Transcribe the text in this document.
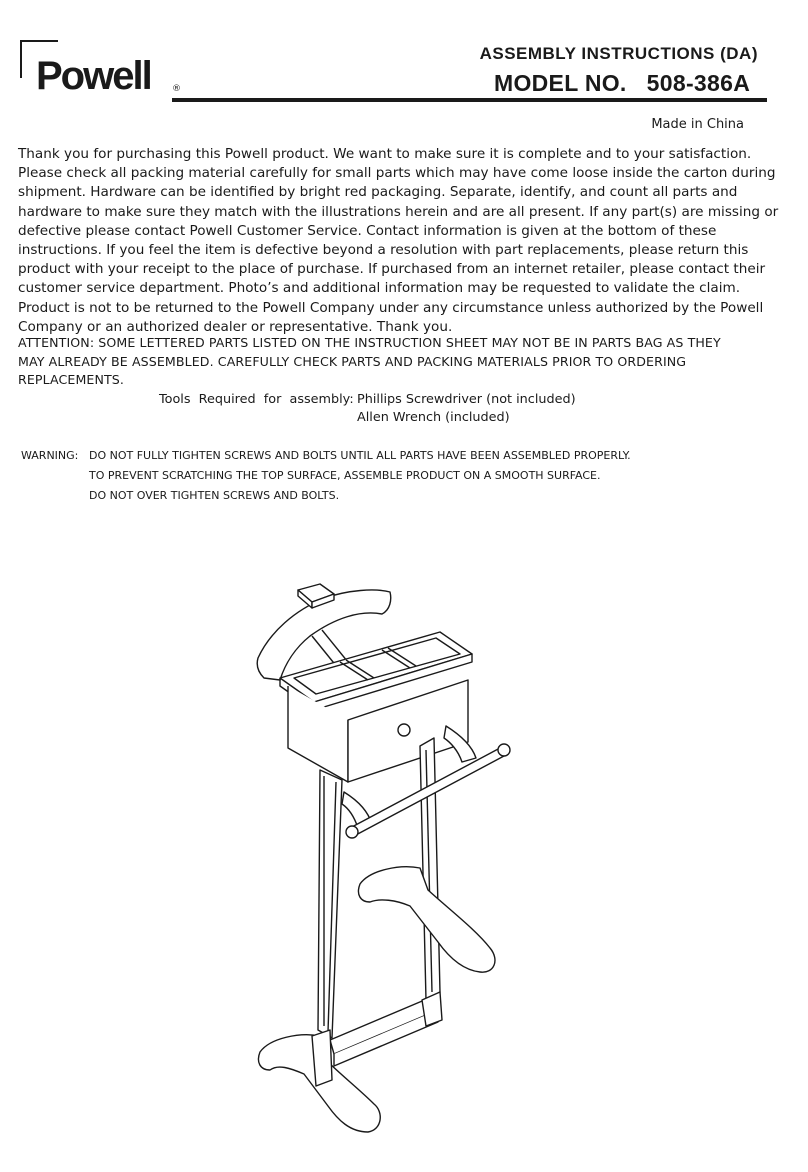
Powell ®
ASSEMBLY INSTRUCTIONS (DA)
MODEL NO.   508-386A
Made in China

Thank you for purchasing this Powell product. We want to make sure it is complete and to your satisfaction. Please check all packing material carefully for small parts which may have come loose inside the carton during shipment. Hardware can be identified by bright red packaging. Separate, identify, and count all parts and hardware to make sure they match with the illustrations herein and are all present. If any part(s) are missing or defective please contact Powell Customer Service. Contact information is given at the bottom of these instructions. If you feel the item is defective beyond a resolution with part replacements, please return this product with your receipt to the place of purchase. If purchased from an internet retailer, please contact their customer service department. Photo’s and additional information may be requested to validate the claim. Product is not to be returned to the Powell Company under any circumstance unless authorized by the Powell Company or an authorized dealer or representative. Thank you.

ATTENTION: SOME LETTERED PARTS LISTED ON THE INSTRUCTION SHEET MAY NOT BE IN PARTS BAG AS THEY MAY ALREADY BE ASSEMBLED. CAREFULLY CHECK PARTS AND PACKING MATERIALS PRIOR TO ORDERING REPLACEMENTS.

Tools  Required  for  assembly: Phillips Screwdriver (not included)
Allen Wrench (included)
WARNING: DO NOT FULLY TIGHTEN SCREWS AND BOLTS UNTIL ALL PARTS HAVE BEEN ASSEMBLED PROPERLY.
TO PREVENT SCRATCHING THE TOP SURFACE, ASSEMBLE PRODUCT ON A SMOOTH SURFACE.
DO NOT OVER TIGHTEN SCREWS AND BOLTS.
